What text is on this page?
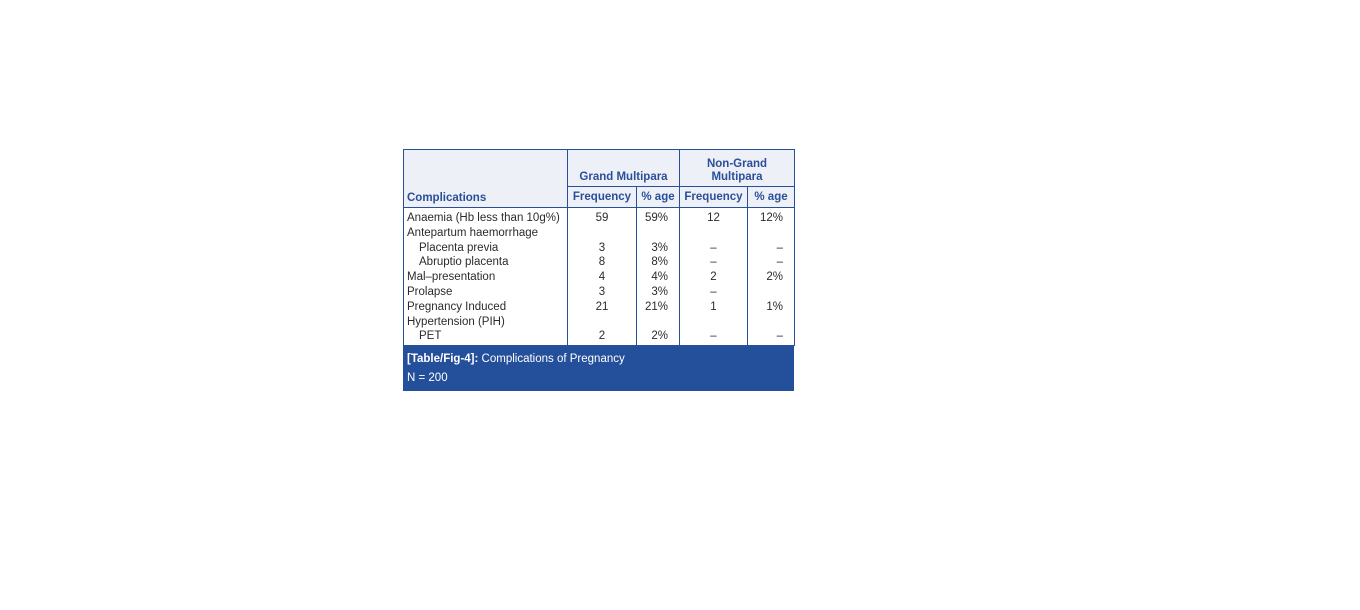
Complications	Grand Multipara		Non-Grand
Multipara	
	Frequency	% age	Frequency	% age
Anaemia (Hb less than 10g%)	59	59%	12	12%
Antepartum haemorrhage				
Placenta previa	3	3%	–	–
Abruptio placenta	8	8%	–	–
Mal–presentation	4	4%	2	2%
Prolapse	3	3%	–	
Pregnancy Induced	21	21%	1	1%
Hypertension (PIH)				
PET	2	2%	–	–
[Table/Fig-4]: Complications of Pregnancy
N = 200
